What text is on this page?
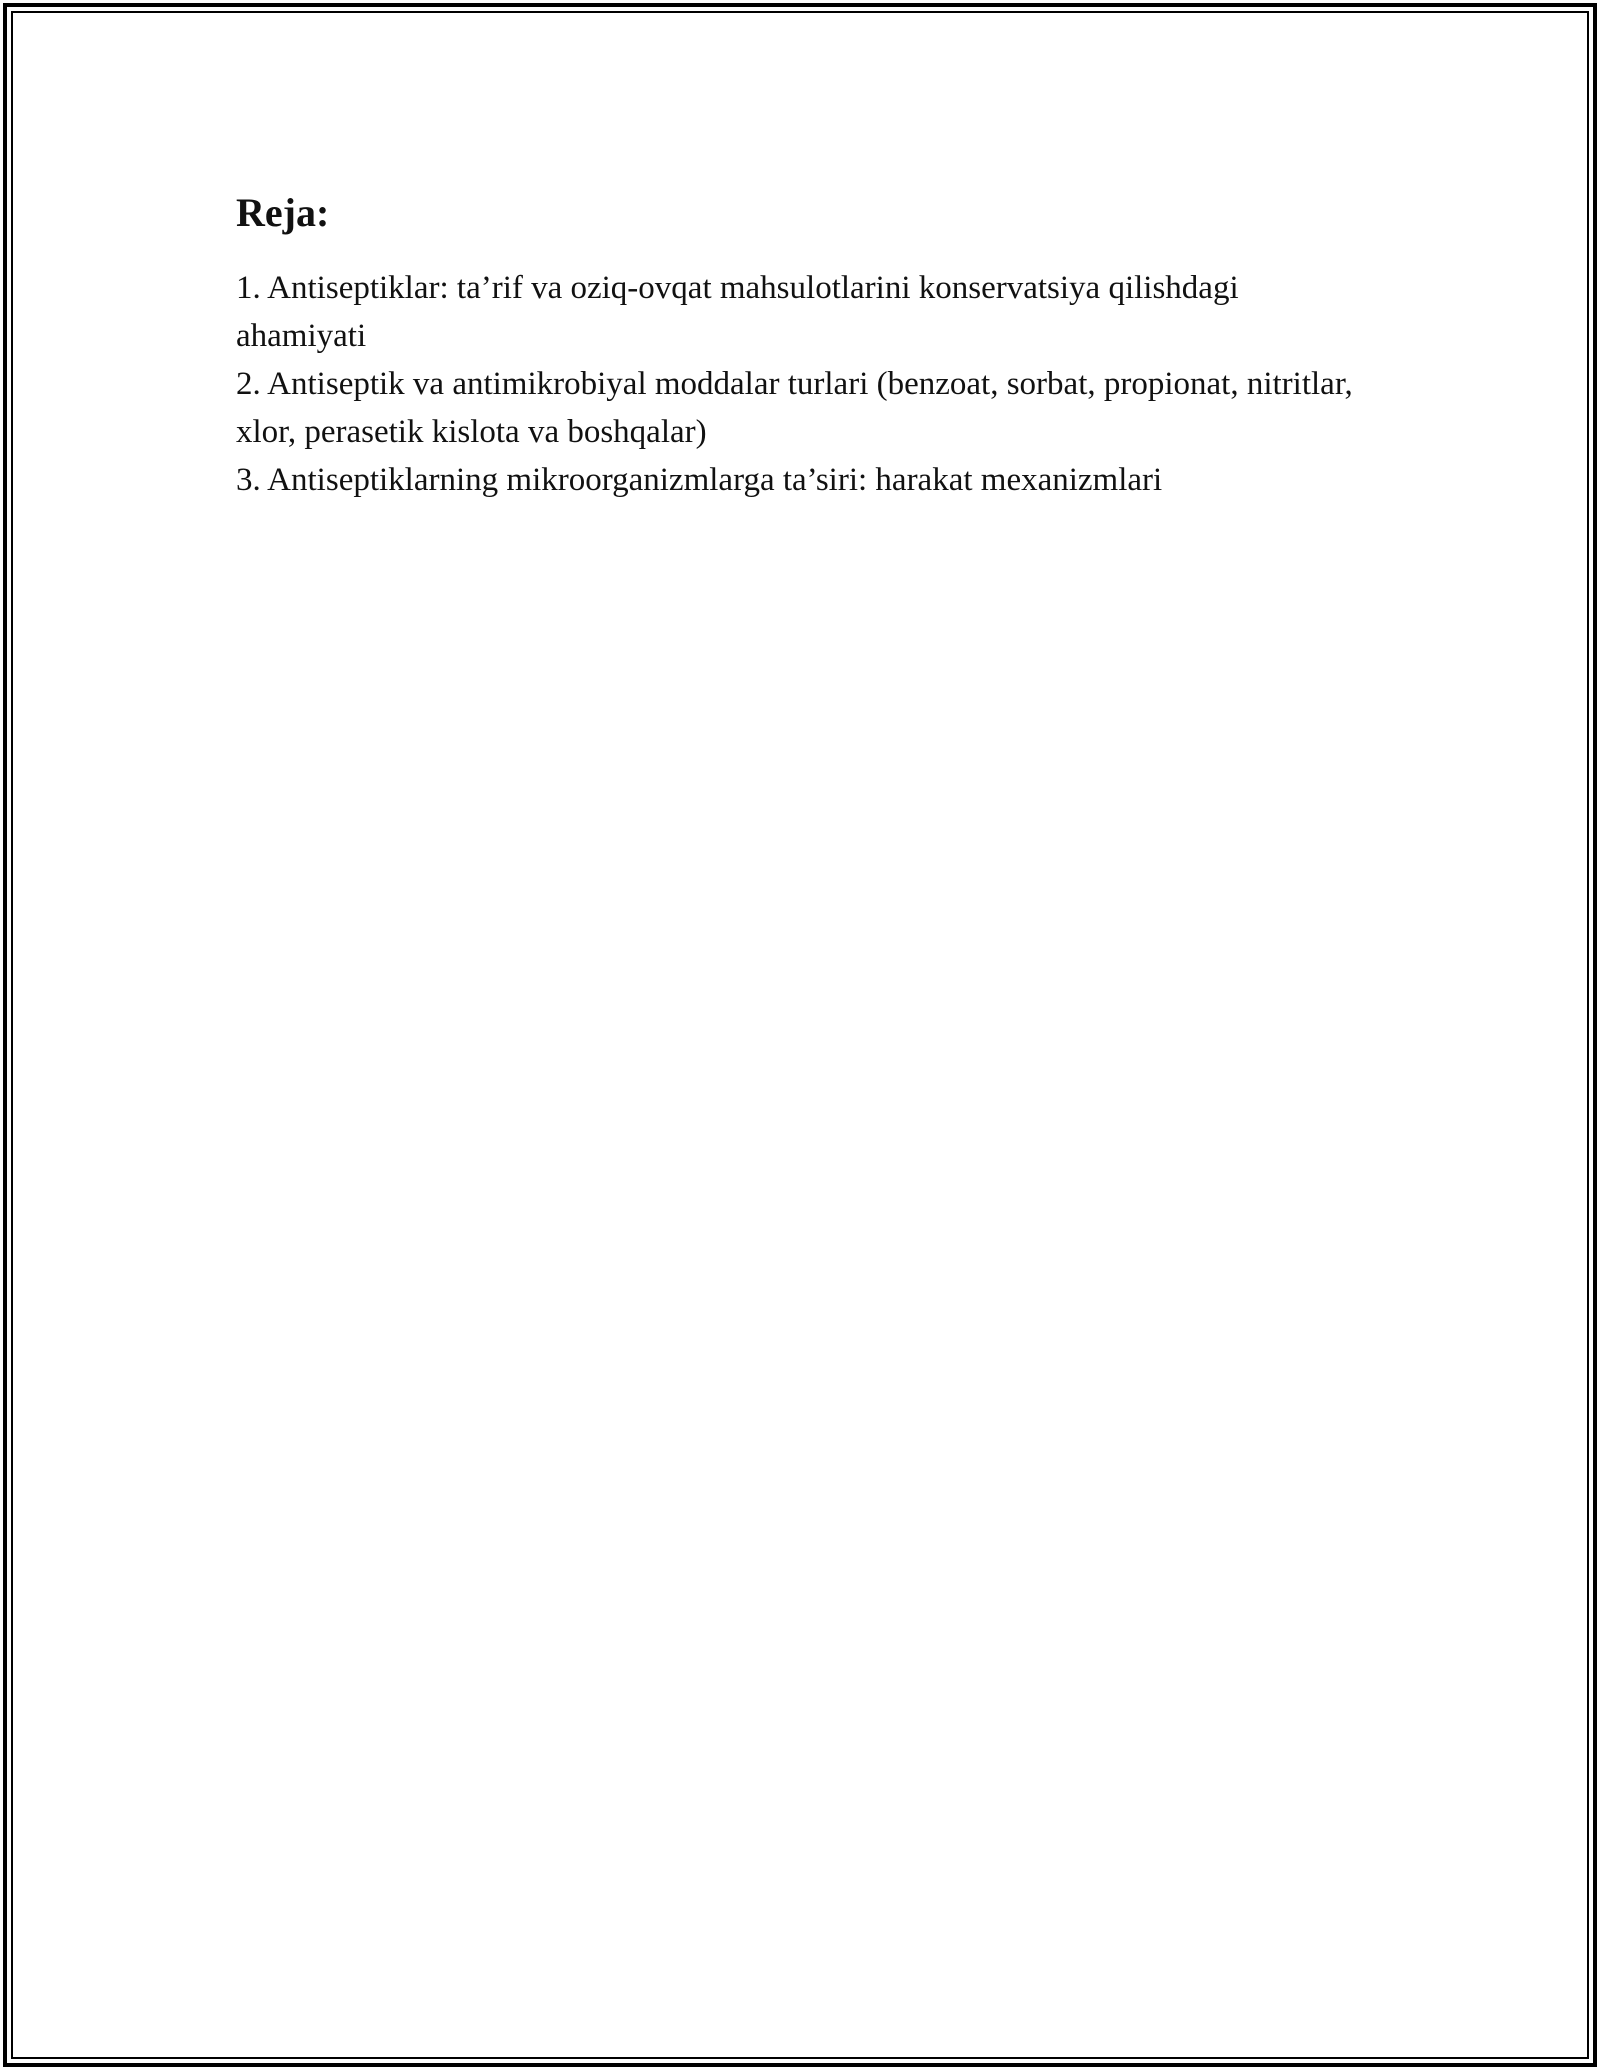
Reja:

1. Antiseptiklar: ta’rif va oziq-ovqat mahsulotlarini konservatsiya qilishdagi ahamiyati

2. Antiseptik va antimikrobiyal moddalar turlari (benzoat, sorbat, propionat, nitritlar, xlor, perasetik kislota va boshqalar)

3. Antiseptiklarning mikroorganizmlarga ta’siri: harakat mexanizmlari
